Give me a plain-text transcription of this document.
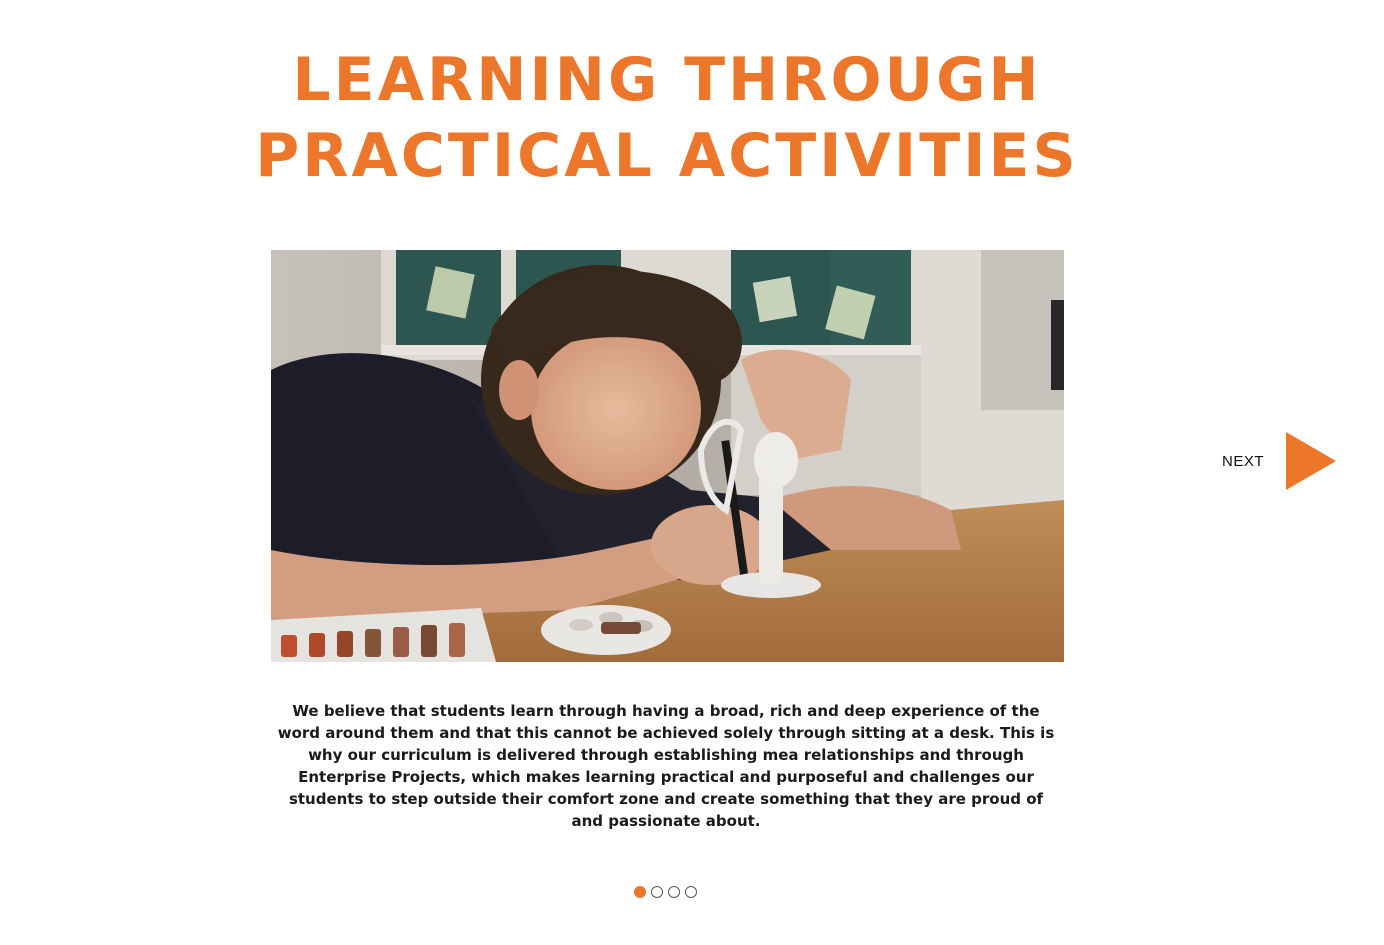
LEARNING THROUGH
PRACTICAL ACTIVITIES
NEXT

We believe that students learn through having a broad, rich and deep experience of the word around them and that this cannot be achieved solely through sitting at a desk. This is why our curriculum is delivered through establishing mea relationships and through Enterprise Projects, which makes learning practical and purposeful and challenges our students to step outside their comfort zone and create something that they are proud of and passionate about.
